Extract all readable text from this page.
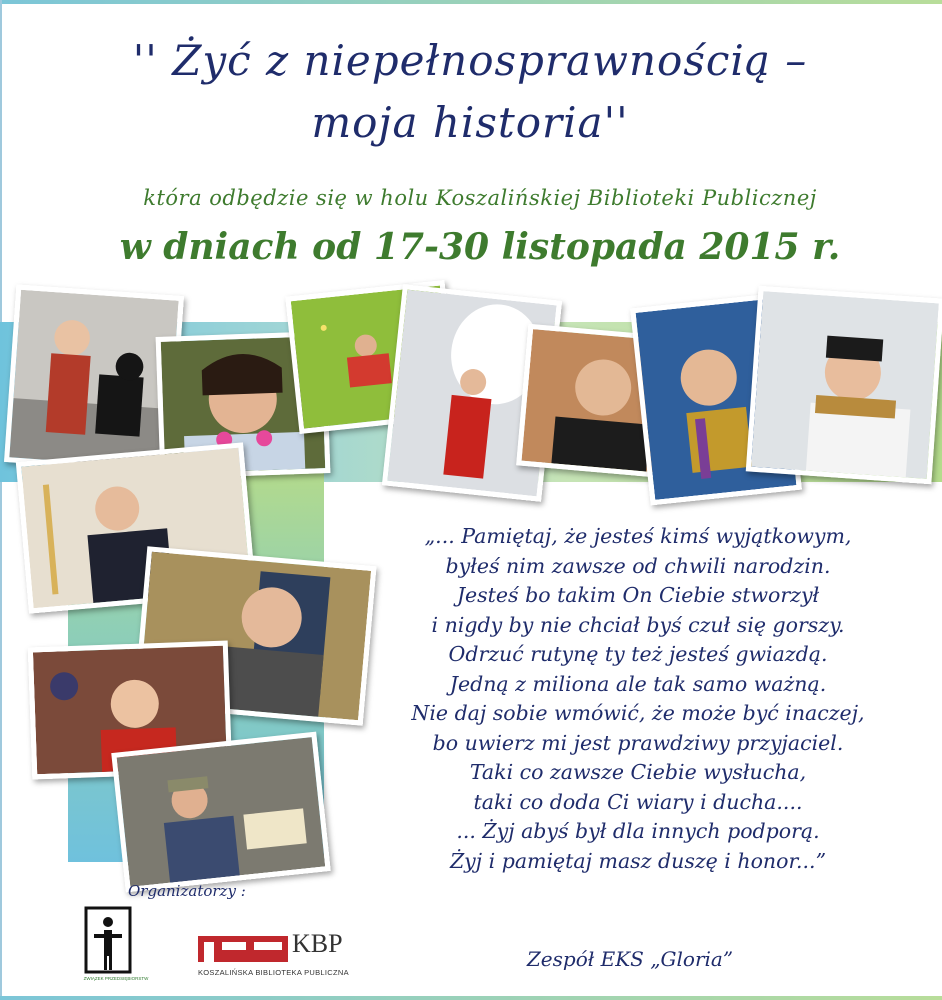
'' Żyć z niepełnosprawnością –
moja historia''
która odbędzie się w holu Koszalińskiej Biblioteki Publicznej
w dniach od 17-30 listopada 2015 r.
„... Pamiętaj, że jesteś kimś wyjątkowym,
byłeś nim zawsze od chwili narodzin.
Jesteś bo takim On Ciebie stworzył
i nigdy by nie chciał byś czuł się gorszy.
Odrzuć rutynę ty też jesteś gwiazdą.
Jedną z miliona ale tak samo ważną.
Nie daj sobie wmówić, że może być inaczej,
bo uwierz mi jest prawdziwy przyjaciel.
Taki co zawsze Ciebie wysłucha,
taki co doda Ci wiary i ducha....
... Żyj abyś był dla innych podporą.
Żyj i pamiętaj masz duszę i honor...”
Zespół EKS „Gloria”
Organizatorzy :
ZWIĄZEK PRZEDSIĘBIORSTW
KBP
KOSZALIŃSKA BIBLIOTEKA PUBLICZNA
